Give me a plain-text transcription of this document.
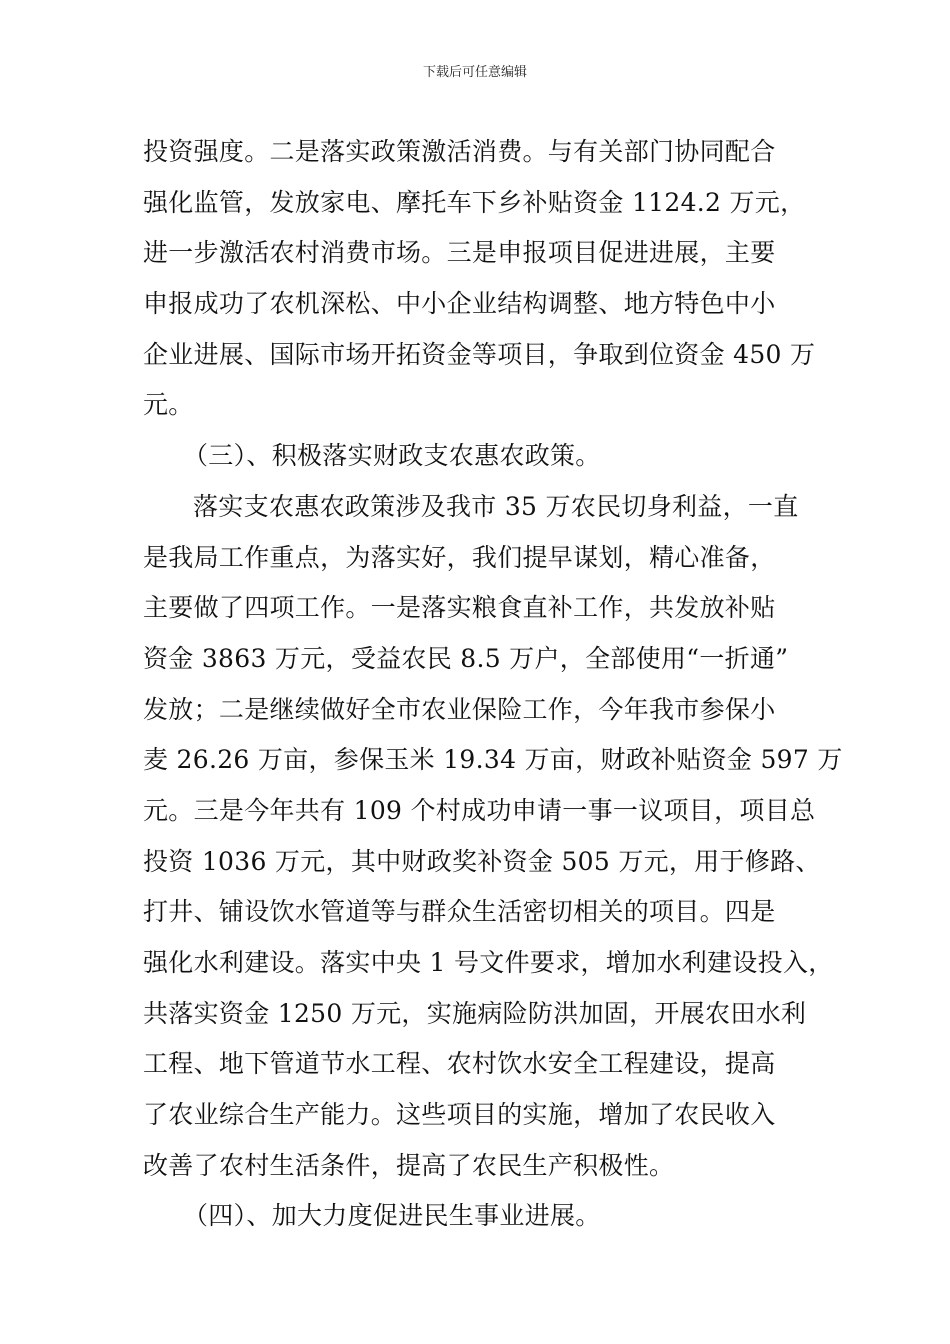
下载后可任意编辑
投资强度。二是落实政策激活消费。与有关部门协同配合
强化监管，发放家电、摩托车下乡补贴资金 1124.2 万元，
进一步激活农村消费市场。三是申报项目促进进展，主要
申报成功了农机深松、中小企业结构调整、地方特色中小
企业进展、国际市场开拓资金等项目，争取到位资金 450 万
元。
（三）、积极落实财政支农惠农政策。
落实支农惠农政策涉及我市 35 万农民切身利益，一直
是我局工作重点，为落实好，我们提早谋划，精心准备，
主要做了四项工作。一是落实粮食直补工作，共发放补贴
资金 3863 万元，受益农民 8.5 万户，全部使用“一折通”
发放；二是继续做好全市农业保险工作，今年我市参保小
麦 26.26 万亩，参保玉米 19.34 万亩，财政补贴资金 597 万
元。三是今年共有 109 个村成功申请一事一议项目，项目总
投资 1036 万元，其中财政奖补资金 505 万元，用于修路、
打井、铺设饮水管道等与群众生活密切相关的项目。四是
强化水利建设。落实中央 1 号文件要求，增加水利建设投入，
共落实资金 1250 万元，实施病险防洪加固，开展农田水利
工程、地下管道节水工程、农村饮水安全工程建设，提高
了农业综合生产能力。这些项目的实施，增加了农民收入
改善了农村生活条件，提高了农民生产积极性。
（四）、加大力度促进民生事业进展。
